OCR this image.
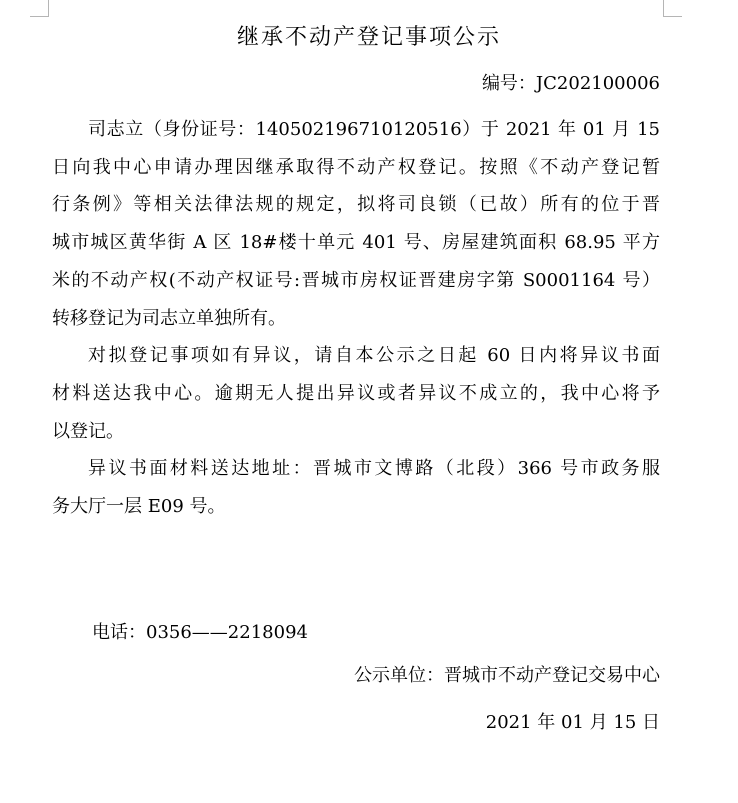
继承不动产登记事项公示
编号：JC202100006

司志立（身份证号：140502196710120516）于 2021 年 01 月 15
日向我中心申请办理因继承取得不动产权登记。按照《不动产登记暂
行条例》等相关法律法规的规定，拟将司良锁（已故）所有的位于晋
城市城区黄华街 A 区 18#楼十单元 401 号、房屋建筑面积 68.95 平方
米的不动产权(不动产权证号:晋城市房权证晋建房字第 S0001164 号）
转移登记为司志立单独所有。

对拟登记事项如有异议，请自本公示之日起 60 日内将异议书面
材料送达我中心。逾期无人提出异议或者异议不成立的，我中心将予
以登记。

异议书面材料送达地址：晋城市文博路（北段）366 号市政务服
务大厅一层 E09 号。

电话：0356——2218094
公示单位：晋城市不动产登记交易中心
2021 年 01 月 15 日
